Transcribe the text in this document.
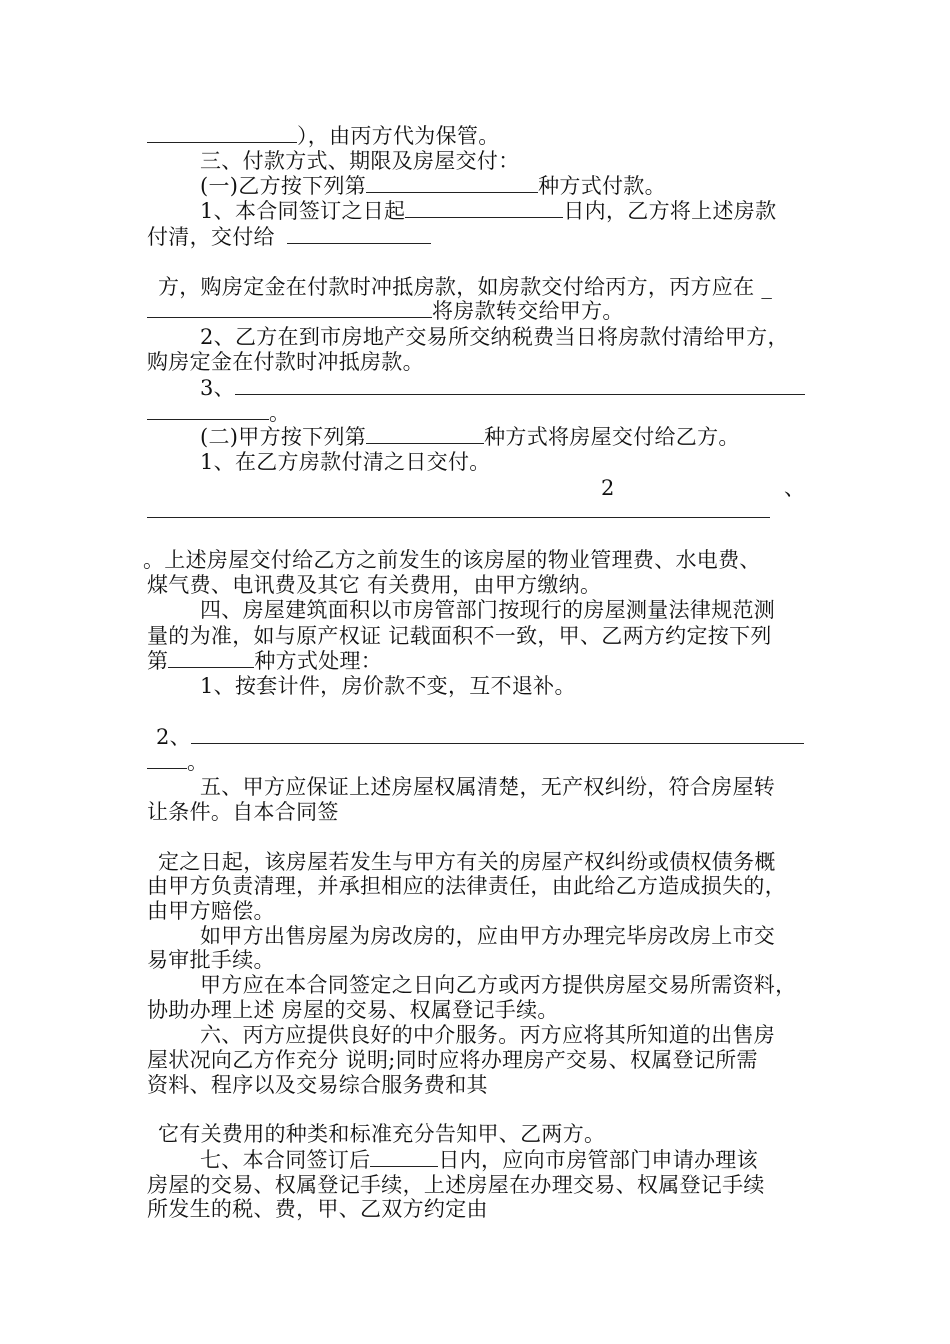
），由丙方代为保管。
三、付款方式、期限及房屋交付：
(一)乙方按下列第	种方式付款。
1、本合同签订之日起	日内，乙方将上述房款
付清，交付给
方，购房定金在付款时冲抵房款，如房款交付给丙方，丙方应在 _
将房款转交给甲方。
2、乙方在到市房地产交易所交纳税费当日将房款付清给甲方，
购房定金在付款时冲抵房款。
3、
。
(二)甲方按下列第	种方式将房屋交付给乙方。
1、在乙方房款付清之日交付。
2	、
。上述房屋交付给乙方之前发生的该房屋的物业管理费、水电费、
煤气费、电讯费及其它 有关费用，由甲方缴纳。
四、房屋建筑面积以市房管部门按现行的房屋测量法律规范测
量的为准，如与原产权证 记载面积不一致，甲、乙两方约定按下列
第	种方式处理：
1、按套计件，房价款不变，互不退补。
2、
。
五、甲方应保证上述房屋权属清楚，无产权纠纷，符合房屋转
让条件。自本合同签
定之日起，该房屋若发生与甲方有关的房屋产权纠纷或债权债务概
由甲方负责清理，并承担相应的法律责任，由此给乙方造成损失的，
由甲方赔偿。
如甲方出售房屋为房改房的，应由甲方办理完毕房改房上市交
易审批手续。
甲方应在本合同签定之日向乙方或丙方提供房屋交易所需资料，
协助办理上述 房屋的交易、权属登记手续。
六、丙方应提供良好的中介服务。丙方应将其所知道的出售房
屋状况向乙方作充分 说明;同时应将办理房产交易、权属登记所需
资料、程序以及交易综合服务费和其
它有关费用的种类和标准充分告知甲、乙两方。
七、本合同签订后	日内，应向市房管部门申请办理该
房屋的交易、权属登记手续，上述房屋在办理交易、权属登记手续
所发生的税、费，甲、乙双方约定由
